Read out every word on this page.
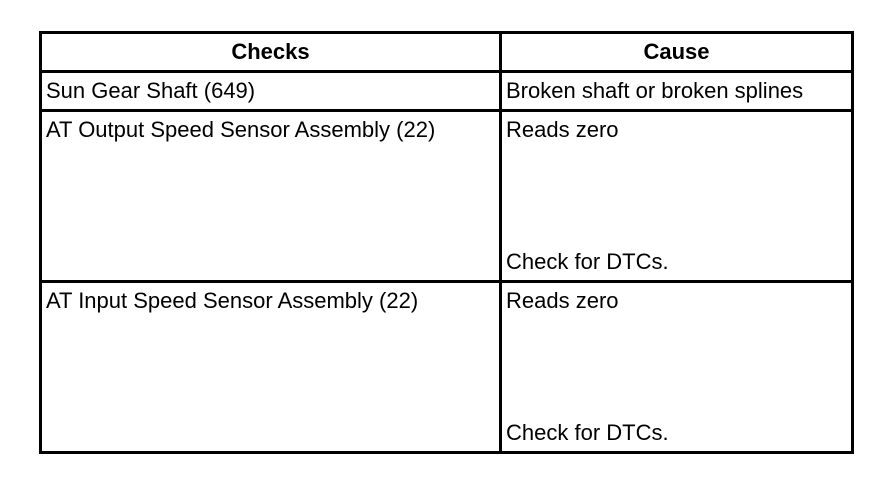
Checks	Cause
Sun Gear Shaft (649)	Broken shaft or broken splines

AT Output Speed Sensor Assembly (22)	Reads zero
Check for DTCs.

AT Input Speed Sensor Assembly (22)	Reads zero
Check for DTCs.
